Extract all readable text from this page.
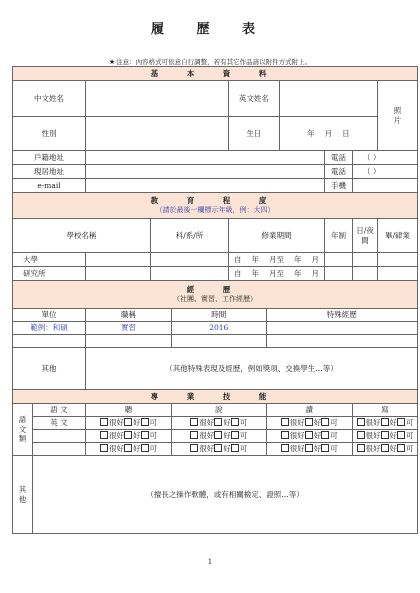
履 歷 表
★注意：內容格式可依意自行調整，若有其它作品請以附件方式附上。
基 本 資 料										
中文姓名					英文姓名					照片
性別					生日		年 月 日			
戶籍地址								電話	（ ）	
現居地址								電話	（ ）	
e-mail								手機		
教 育 程 度
（請於最後一欄標示年級，例：大四）										
學校名稱			科/系/所		修業期間			年制	日/夜間	畢/肄業
大學					自 年 月至 年 月					
研究所					自 年 月至 年 月					
經 歷
（社團、實習、工作經歷）										
單位		職稱		時間		特殊經歷				
範例：和碩		實習		2016						

其他		（其他特殊表現及經歷，例如獎項、交換學生…等）								
專 業 技 能										
語文類	語 文	聽		說		讀			寫	
	英 文	很好 好 可		很好 好 可		很好 好 可			很好 好 可	
		很好 好 可		很好 好 可		很好 好 可			很好 好 可	
		很好 好 可		很好 好 可		很好 好 可			很好 好 可	
其他	（擅長之操作軟體，或有相關檢定、證照…等）									
1
